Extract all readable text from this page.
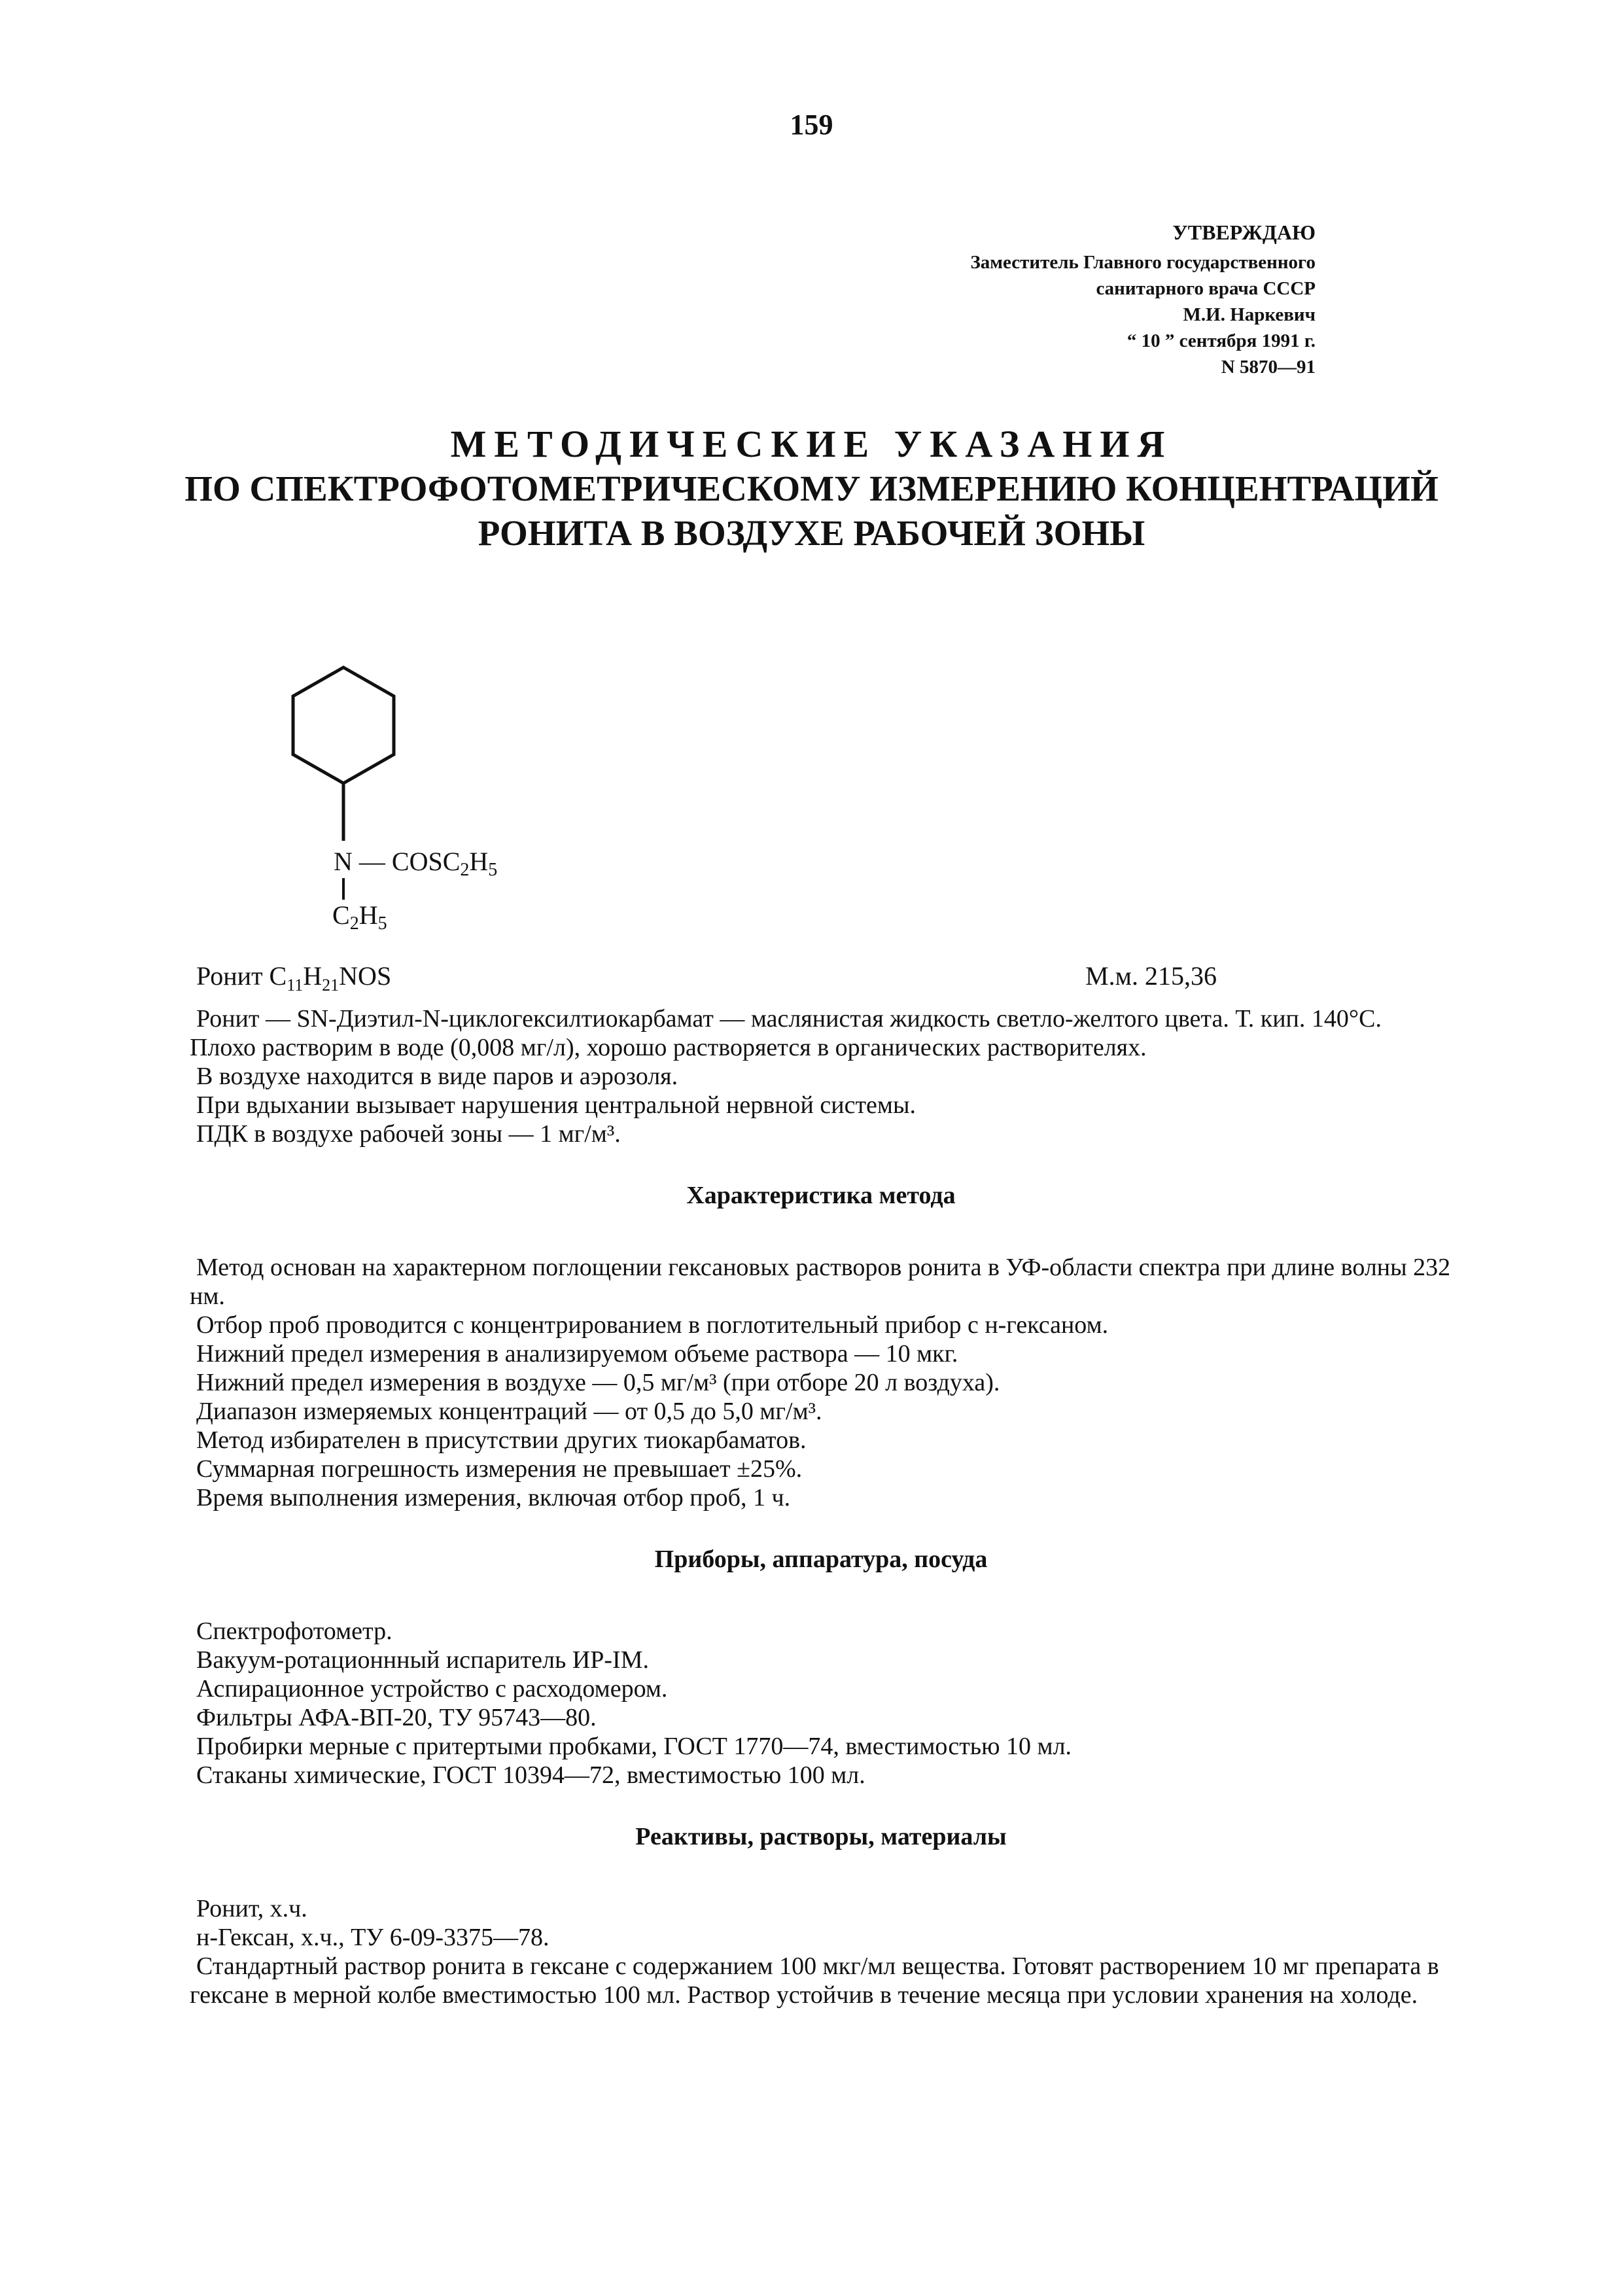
159
УТВЕРЖДАЮ
Заместитель Главного государственного
санитарного врача СССР
М.И. Наркевич
“ 10 ” сентября 1991 г.
N 5870—91
МЕТОДИЧЕСКИЕ УКАЗАНИЯ
ПО СПЕКТРОФОТОМЕТРИЧЕСКОМУ ИЗМЕРЕНИЮ КОНЦЕНТРАЦИЙ
РОНИТА В ВОЗДУХЕ РАБОЧЕЙ ЗОНЫ
N — $COSC_2H_5$
$C_2H_5$
Ронит $C_{11}H_{21}NOS$	М.м. 215,36

Ронит — SN-Диэтил-N-циклогексилтиокарбамат — маслянистая жидкость светло-желтого цвета. Т. кип. 140°С. Плохо растворим в воде (0,008 мг/л), хорошо растворяется в органических растворителях.

В воздухе находится в виде паров и аэрозоля.

При вдыхании вызывает нарушения центральной нервной системы.

ПДК в воздухе рабочей зоны — 1 мг/м³.

Характеристика метода

Метод основан на характерном поглощении гексановых растворов ронита в УФ-области спектра при длине волны 232 нм.

Отбор проб проводится с концентрированием в поглотительный прибор с н-гексаном.

Нижний предел измерения в анализируемом объеме раствора — 10 мкг.

Нижний предел измерения в воздухе — 0,5 мг/м³ (при отборе 20 л воздуха).

Диапазон измеряемых концентраций — от 0,5 до 5,0 мг/м³.

Метод избирателен в присутствии других тиокарбаматов.

Суммарная погрешность измерения не превышает ±25%.

Время выполнения измерения, включая отбор проб, 1 ч.

Приборы, аппаратура, посуда

Спектрофотометр.

Вакуум-ротационнный испаритель ИР-IM.

Аспирационное устройство с расходомером.

Фильтры АФА-ВП-20, ТУ 95743—80.

Пробирки мерные с притертыми пробками, ГОСТ 1770—74, вместимостью 10 мл.

Стаканы химические, ГОСТ 10394—72, вместимостью 100 мл.

Реактивы, растворы, материалы

Ронит, х.ч.

н-Гексан, х.ч., ТУ 6-09-3375—78.

Стандартный раствор ронита в гексане с содержанием 100 мкг/мл вещества. Готовят растворением 10 мг препарата в гексане в мерной колбе вместимостью 100 мл. Раствор устойчив в течение месяца при условии хранения на холоде.
